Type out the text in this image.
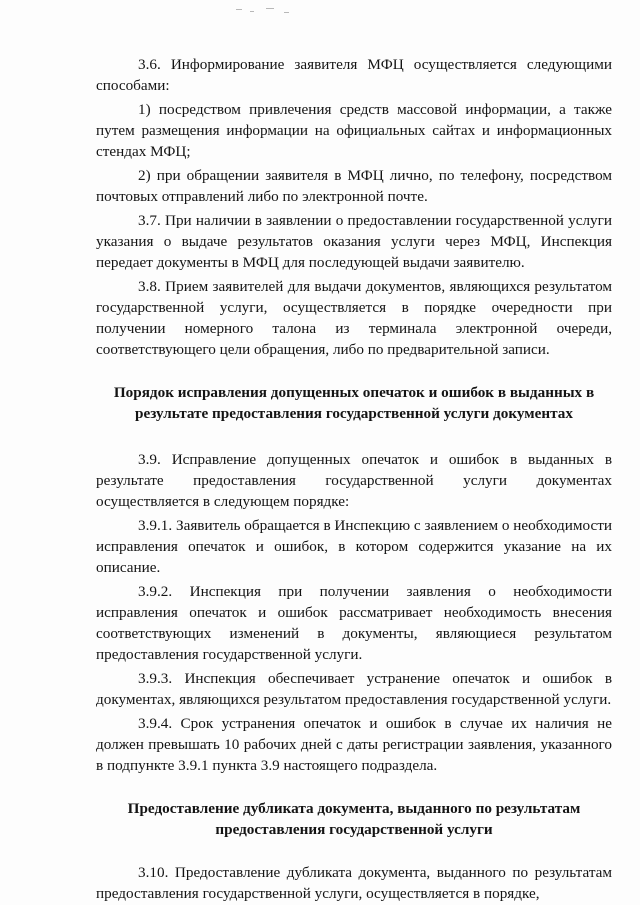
3.6. Информирование заявителя МФЦ осуществляется следующими способами:

1) посредством привлечения средств массовой информации, а также путем размещения информации на официальных сайтах и информационных стендах МФЦ;

2) при обращении заявителя в МФЦ лично, по телефону, посредством почтовых отправлений либо по электронной почте.

3.7. При наличии в заявлении о предоставлении государственной услуги указания о выдаче результатов оказания услуги через МФЦ, Инспекция передает документы в МФЦ для последующей выдачи заявителю.

3.8. Прием заявителей для выдачи документов, являющихся результатом государственной услуги, осуществляется в порядке очередности при получении номерного талона из терминала электронной очереди, соответствующего цели обращения, либо по предварительной записи.

Порядок исправления допущенных опечаток и ошибок в выданных в результате предоставления государственной услуги документах

3.9. Исправление допущенных опечаток и ошибок в выданных в результате предоставления государственной услуги документах осуществляется в следующем порядке:

3.9.1. Заявитель обращается в Инспекцию с заявлением о необходимости исправления опечаток и ошибок, в котором содержится указание на их описание.

3.9.2. Инспекция при получении заявления о необходимости исправления опечаток и ошибок рассматривает необходимость внесения соответствующих изменений в документы, являющиеся результатом предоставления государственной услуги.

3.9.3. Инспекция обеспечивает устранение опечаток и ошибок в документах, являющихся результатом предоставления государственной услуги.

3.9.4. Срок устранения опечаток и ошибок в случае их наличия не должен превышать 10 рабочих дней с даты регистрации заявления, указанного в подпункте 3.9.1 пункта 3.9 настоящего подраздела.

Предоставление дубликата документа, выданного по результатам предоставления государственной услуги

3.10. Предоставление дубликата документа, выданного по результатам предоставления государственной услуги, осуществляется в порядке,
